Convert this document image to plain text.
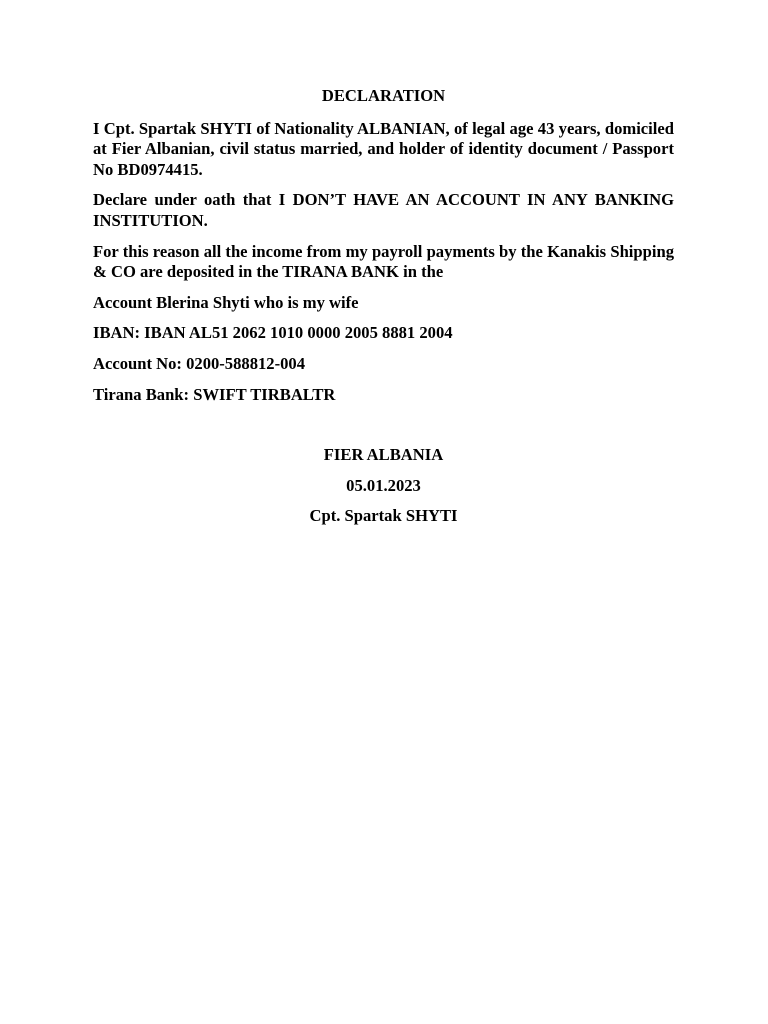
DECLARATION
I Cpt. Spartak SHYTI of Nationality ALBANIAN, of legal age 43 years, domiciled at Fier Albanian, civil status married, and holder of identity document / Passport No BD0974415.
Declare under oath that I DON’T HAVE AN ACCOUNT IN ANY BANKING INSTITUTION.
For this reason all the income from my payroll payments by the Kanakis Shipping & CO are deposited in the TIRANA BANK in the
Account Blerina Shyti who is my wife
IBAN: IBAN AL51 2062 1010 0000 2005 8881 2004
Account No: 0200-588812-004
Tirana Bank: SWIFT TIRBALTR
FIER ALBANIA
05.01.2023
Cpt. Spartak SHYTI
